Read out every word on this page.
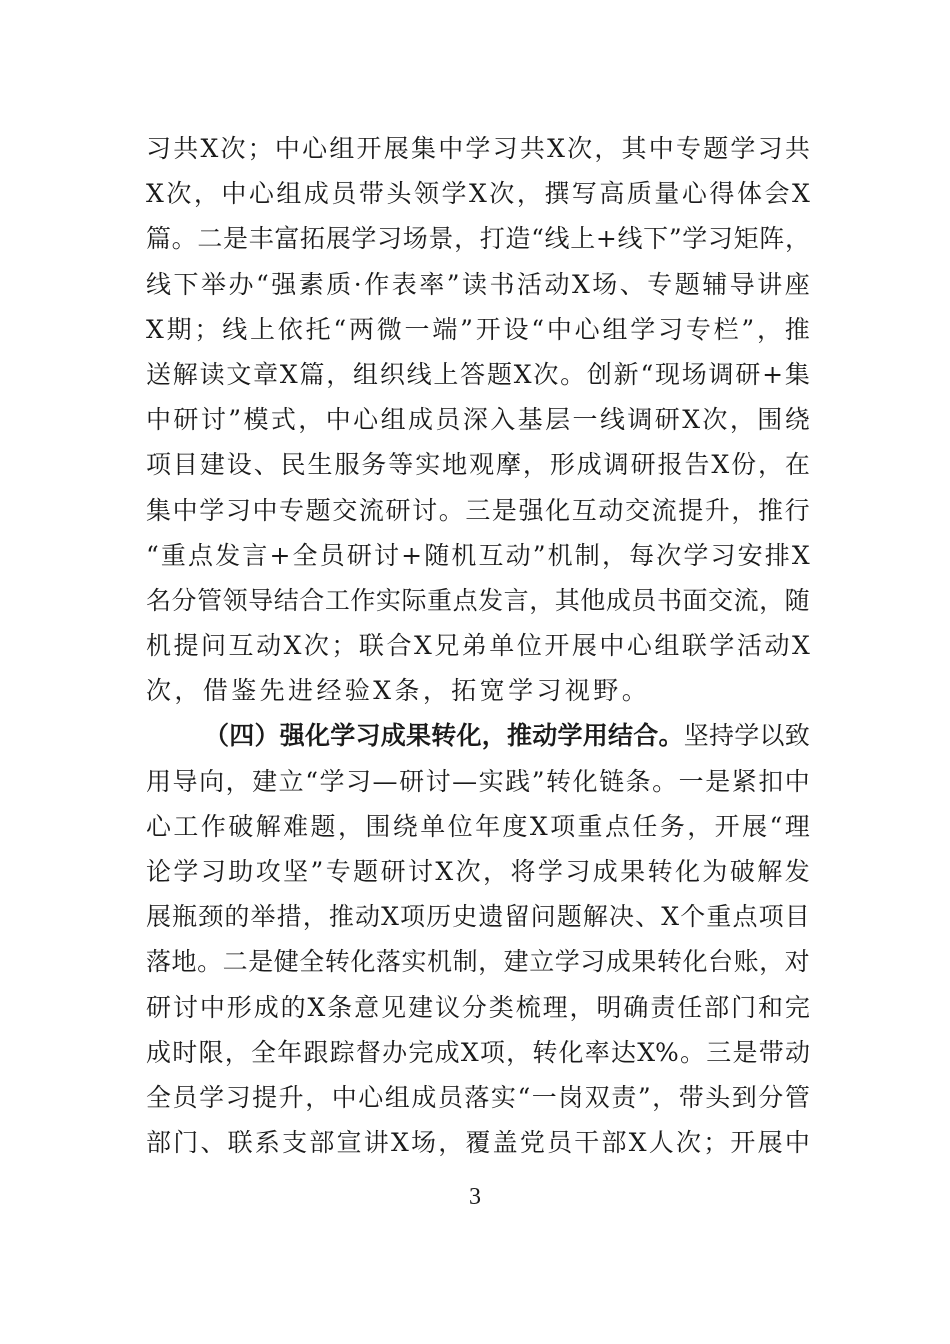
习 共 X 次 ； 中 心 组 开 展 集 中 学 习 共 X 次 ， 其 中 专 题 学 习 共
X 次 ， 中 心 组 成 员 带 头 领 学 X 次 ， 撰 写 高 质 量 心 得 体 会 X
篇 。 二 是 丰 富 拓 展 学 习 场 景 ， 打 造 “ 线 上 + 线 下 ” 学 习 矩 阵 ，
线 下 举 办 “ 强 素 质 · 作 表 率 ” 读 书 活 动 X 场 、 专 题 辅 导 讲 座
X 期 ； 线 上 依 托 “ 两 微 一 端 ” 开 设 “ 中 心 组 学 习 专 栏 ” ， 推
送 解 读 文 章 X 篇 ， 组 织 线 上 答 题 X 次 。 创 新 “ 现 场 调 研 + 集
中 研 讨 ” 模 式 ， 中 心 组 成 员 深 入 基 层 一 线 调 研 X 次 ， 围 绕
项 目 建 设 、 民 生 服 务 等 实 地 观 摩 ， 形 成 调 研 报 告 X 份 ， 在
集 中 学 习 中 专 题 交 流 研 讨 。 三 是 强 化 互 动 交 流 提 升 ， 推 行
“ 重 点 发 言 + 全 员 研 讨 + 随 机 互 动 ” 机 制 ， 每 次 学 习 安 排 X
名 分 管 领 导 结 合 工 作 实 际 重 点 发 言 ， 其 他 成 员 书 面 交 流 ， 随
机 提 问 互 动 X 次 ； 联 合 X 兄 弟 单 位 开 展 中 心 组 联 学 活 动 X
次 ， 借 鉴 先 进 经 验 X 条 ， 拓 宽 学 习 视 野 。
（ 四 ） 强 化 学 习 成 果 转 化 ， 推 动 学 用 结 合 。 坚 持 学 以 致
用 导 向 ， 建 立 “ 学 习 — 研 讨 — 实 践 ” 转 化 链 条 。 一 是 紧 扣 中
心 工 作 破 解 难 题 ， 围 绕 单 位 年 度 X 项 重 点 任 务 ， 开 展 “ 理
论 学 习 助 攻 坚 ” 专 题 研 讨 X 次 ， 将 学 习 成 果 转 化 为 破 解 发
展 瓶 颈 的 举 措 ， 推 动 X 项 历 史 遗 留 问 题 解 决 、 X 个 重 点 项 目
落 地 。 二 是 健 全 转 化 落 实 机 制 ， 建 立 学 习 成 果 转 化 台 账 ， 对
研 讨 中 形 成 的 X 条 意 见 建 议 分 类 梳 理 ， 明 确 责 任 部 门 和 完
成 时 限 ， 全 年 跟 踪 督 办 完 成 X 项 ， 转 化 率 达 X% 。 三 是 带 动
全 员 学 习 提 升 ， 中 心 组 成 员 落 实 “ 一 岗 双 责 ” ， 带 头 到 分 管
部 门 、 联 系 支 部 宣 讲 X 场 ， 覆 盖 党 员 干 部 X 人 次 ； 开 展 中
3
